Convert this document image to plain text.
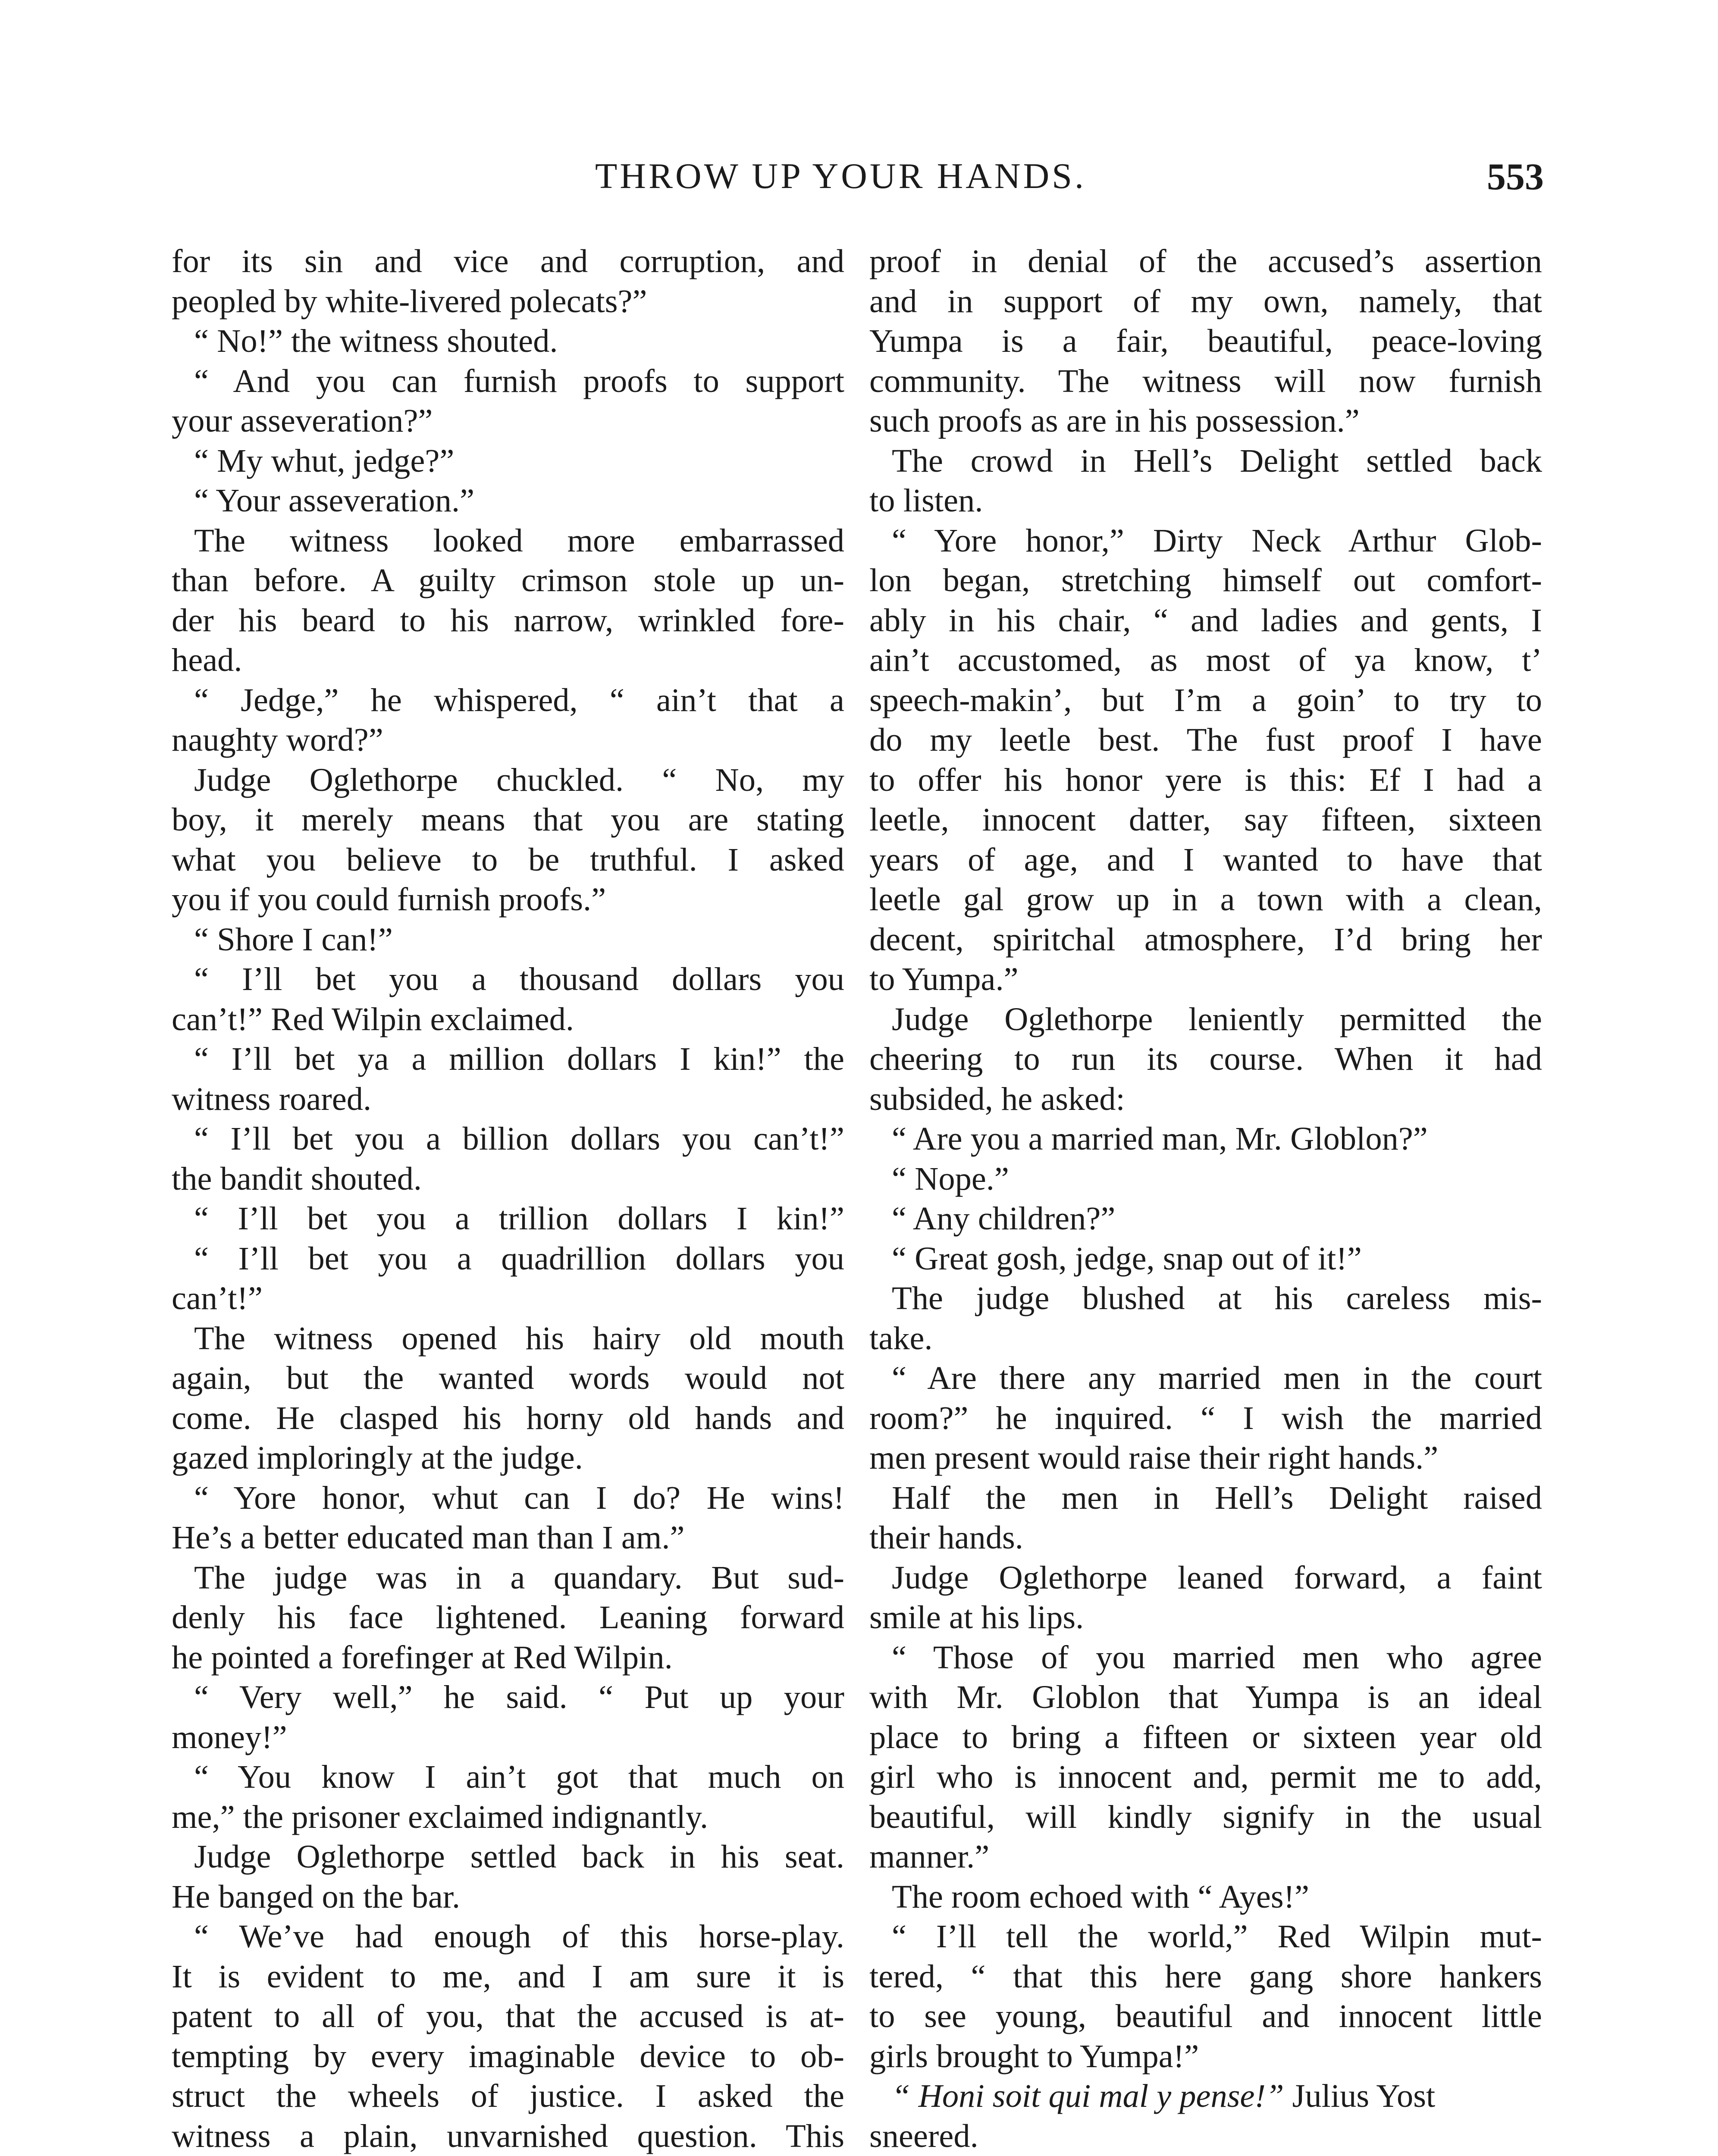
THROW UP YOUR HANDS.	553
for its sin and vice and corruption, and
peopled by white-livered polecats?”
“ No!” the witness shouted.
“ And you can furnish proofs to support
your asseveration?”
“ My whut, jedge?”
“ Your asseveration.”
The witness looked more embarrassed
than before. A guilty crimson stole up un-
der his beard to his narrow, wrinkled fore-
head.
“ Jedge,” he whispered, “ ain’t that a
naughty word?”
Judge Oglethorpe chuckled. “ No, my
boy, it merely means that you are stating
what you believe to be truthful. I asked
you if you could furnish proofs.”
“ Shore I can!”
“ I’ll bet you a thousand dollars you
can’t!” Red Wilpin exclaimed.
“ I’ll bet ya a million dollars I kin!” the
witness roared.
“ I’ll bet you a billion dollars you can’t!”
the bandit shouted.
“ I’ll bet you a trillion dollars I kin!”
“ I’ll bet you a quadrillion dollars you
can’t!”
The witness opened his hairy old mouth
again, but the wanted words would not
come. He clasped his horny old hands and
gazed imploringly at the judge.
“ Yore honor, whut can I do? He wins!
He’s a better educated man than I am.”
The judge was in a quandary. But sud-
denly his face lightened. Leaning forward
he pointed a forefinger at Red Wilpin.
“ Very well,” he said. “ Put up your
money!”
“ You know I ain’t got that much on
me,” the prisoner exclaimed indignantly.
Judge Oglethorpe settled back in his seat.
He banged on the bar.
“ We’ve had enough of this horse-play.
It is evident to me, and I am sure it is
patent to all of you, that the accused is at-
tempting by every imaginable device to ob-
struct the wheels of justice. I asked the
witness a plain, unvarnished question. This
proof in denial of the accused’s assertion
and in support of my own, namely, that
Yumpa is a fair, beautiful, peace-loving
community. The witness will now furnish
such proofs as are in his possession.”
The crowd in Hell’s Delight settled back
to listen.
“ Yore honor,” Dirty Neck Arthur Glob-
lon began, stretching himself out comfort-
ably in his chair, “ and ladies and gents, I
ain’t accustomed, as most of ya know, t’
speech-makin’, but I’m a goin’ to try to
do my leetle best. The fust proof I have
to offer his honor yere is this: Ef I had a
leetle, innocent datter, say fifteen, sixteen
years of age, and I wanted to have that
leetle gal grow up in a town with a clean,
decent, spiritchal atmosphere, I’d bring her
to Yumpa.”
Judge Oglethorpe leniently permitted the
cheering to run its course. When it had
subsided, he asked:
“ Are you a married man, Mr. Globlon?”
“ Nope.”
“ Any children?”
“ Great gosh, jedge, snap out of it!”
The judge blushed at his careless mis-
take.
“ Are there any married men in the court
room?” he inquired. “ I wish the married
men present would raise their right hands.”
Half the men in Hell’s Delight raised
their hands.
Judge Oglethorpe leaned forward, a faint
smile at his lips.
“ Those of you married men who agree
with Mr. Globlon that Yumpa is an ideal
place to bring a fifteen or sixteen year old
girl who is innocent and, permit me to add,
beautiful, will kindly signify in the usual
manner.”
The room echoed with “ Ayes!”
“ I’ll tell the world,” Red Wilpin mut-
tered, “ that this here gang shore hankers
to see young, beautiful and innocent little
girls brought to Yumpa!”
“ Honi soit qui mal y pense!” Julius Yost
sneered.
